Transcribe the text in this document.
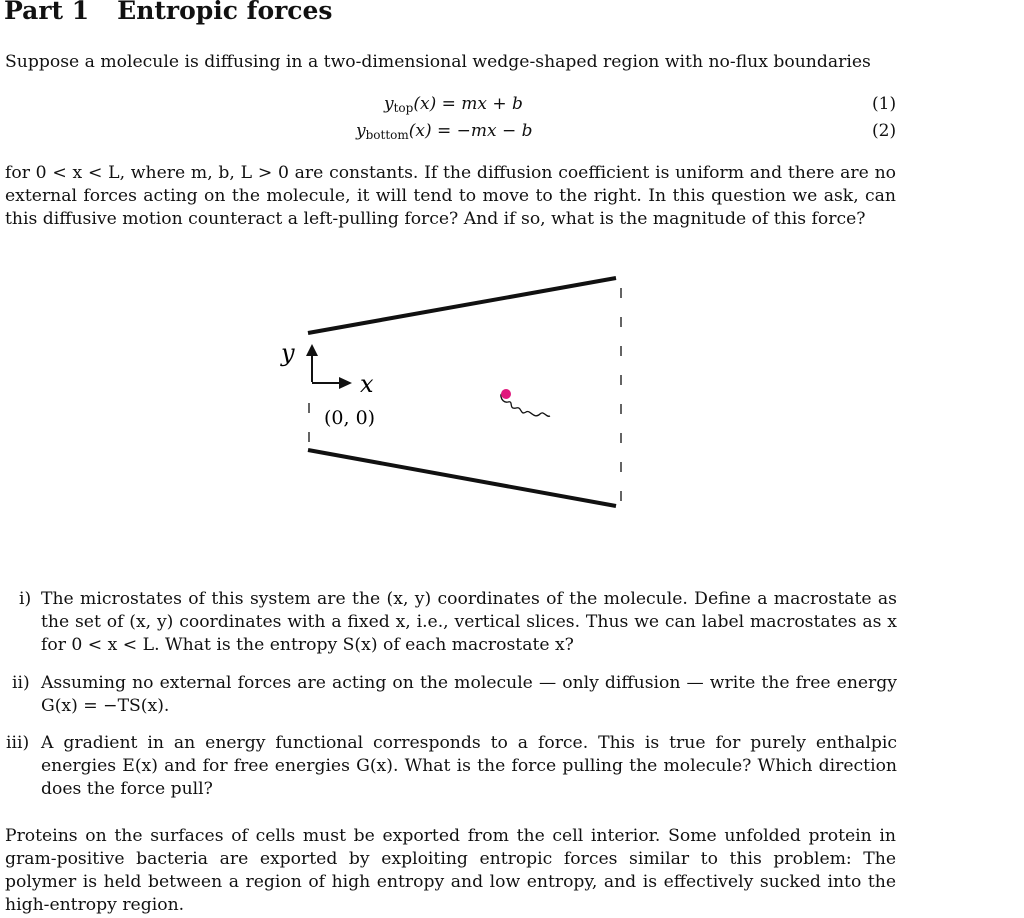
Part 1 Entropic forces
Suppose a molecule is diffusing in a two-dimensional wedge-shaped region with no-flux boundaries
$y_{top}(x)$ = mx + b	(1)
$y_{bottom}(x) = -mx - b$	(2)
for 0 < x < L, where m, b, L > 0 are constants. If the diffusion coefficient is uniform and there are no external forces acting on the molecule, it will tend to move to the right. In this question we ask, can this diffusive motion counteract a left-pulling force? And if so, what is the magnitude of this force?
y
x
(0, 0)
i) The microstates of this system are the (x, y) coordinates of the molecule. Define a macrostate as the set of (x, y) coordinates with a fixed x, i.e., vertical slices. Thus we can label macrostates as x for 0 < x < L. What is the entropy S(x) of each macrostate x?
ii) Assuming no external forces are acting on the molecule — only diffusion — write the free energy G(x) = −TS(x).
iii) A gradient in an energy functional corresponds to a force. This is true for purely enthalpic energies E(x) and for free energies G(x). What is the force pulling the molecule? Which direction does the force pull?
Proteins on the surfaces of cells must be exported from the cell interior. Some unfolded protein in gram-positive bacteria are exported by exploiting entropic forces similar to this problem: The polymer is held between a region of high entropy and low entropy, and is effectively sucked into the high-entropy region.
